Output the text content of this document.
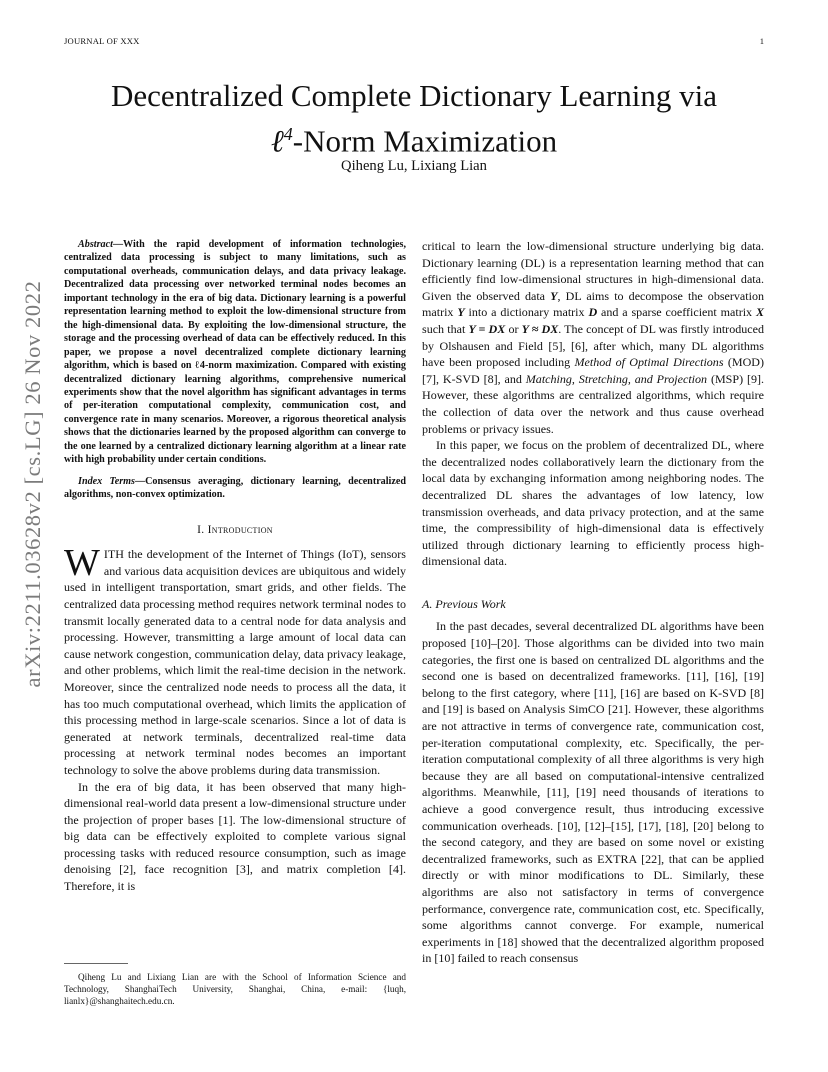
JOURNAL OF XXX	1
Decentralized Complete Dictionary Learning via
ℓ$^4$-Norm Maximization
Qiheng Lu, Lixiang Lian
arXiv:2211.03628v2 [cs.LG] 26 Nov 2022

Abstract—With the rapid development of information technologies, centralized data processing is subject to many limitations, such as computational overheads, communication delays, and data privacy leakage. Decentralized data processing over networked terminal nodes becomes an important technology in the era of big data. Dictionary learning is a powerful representation learning method to exploit the low-dimensional structure from the high-dimensional data. By exploiting the low-dimensional structure, the storage and the processing overhead of data can be effectively reduced. In this paper, we propose a novel decentralized complete dictionary learning algorithm, which is based on ℓ4-norm maximization. Compared with existing decentralized dictionary learning algorithms, comprehensive numerical experiments show that the novel algorithm has significant advantages in terms of per-iteration computational complexity, communication cost, and convergence rate in many scenarios. Moreover, a rigorous theoretical analysis shows that the dictionaries learned by the proposed algorithm can converge to the one learned by a centralized dictionary learning algorithm at a linear rate with high probability under certain conditions.

Index Terms—Consensus averaging, dictionary learning, decentralized algorithms, non-convex optimization.

I. Introduction

WITH the development of the Internet of Things (IoT), sensors and various data acquisition devices are ubiquitous and widely used in intelligent transportation, smart grids, and other fields. The centralized data processing method requires network terminal nodes to transmit locally generated data to a central node for data analysis and processing. However, transmitting a large amount of local data can cause network congestion, communication delay, data privacy leakage, and other problems, which limit the real-time decision in the network. Moreover, since the centralized node needs to process all the data, it has too much computational overhead, which limits the application of this processing method in large-scale scenarios. Since a lot of data is generated at network terminals, decentralized real-time data processing at network terminal nodes becomes an important technology to solve the above problems during data transmission.

In the era of big data, it has been observed that many high-dimensional real-world data present a low-dimensional structure under the projection of proper bases [1]. The low-dimensional structure of big data can be effectively exploited to complete various signal processing tasks with reduced resource consumption, such as image denoising [2], face recognition [3], and matrix completion [4]. Therefore, it is

Qiheng Lu and Lixiang Lian are with the School of Information Science and Technology, ShanghaiTech University, Shanghai, China, e-mail: {luqh, lianlx}@shanghaitech.edu.cn.

critical to learn the low-dimensional structure underlying big data. Dictionary learning (DL) is a representation learning method that can efficiently find low-dimensional structures in high-dimensional data. Given the observed data Y, DL aims to decompose the observation matrix Y into a dictionary matrix D and a sparse coefficient matrix X such that Y = DX or Y ≈ DX. The concept of DL was firstly introduced by Olshausen and Field [5], [6], after which, many DL algorithms have been proposed including Method of Optimal Directions (MOD) [7], K-SVD [8], and Matching, Stretching, and Projection (MSP) [9]. However, these algorithms are centralized algorithms, which require the collection of data over the network and thus cause overhead problems or privacy issues.

In this paper, we focus on the problem of decentralized DL, where the decentralized nodes collaboratively learn the dictionary from the local data by exchanging information among neighboring nodes. The decentralized DL shares the advantages of low latency, low transmission overheads, and data privacy protection, and at the same time, the compressibility of high-dimensional data is effectively utilized through dictionary learning to efficiently process high-dimensional data.

A. Previous Work

In the past decades, several decentralized DL algorithms have been proposed [10]–[20]. Those algorithms can be divided into two main categories, the first one is based on centralized DL algorithms and the second one is based on decentralized frameworks. [11], [16], [19] belong to the first category, where [11], [16] are based on K-SVD [8] and [19] is based on Analysis SimCO [21]. However, these algorithms are not attractive in terms of convergence rate, communication cost, per-iteration computational complexity, etc. Specifically, the per-iteration computational complexity of all three algorithms is very high because they are all based on computational-intensive centralized algorithms. Meanwhile, [11], [19] need thousands of iterations to achieve a good convergence result, thus introducing excessive communication overheads. [10], [12]–[15], [17], [18], [20] belong to the second category, and they are based on some novel or existing decentralized frameworks, such as EXTRA [22], that can be applied directly or with minor modifications to DL. Similarly, these algorithms are also not satisfactory in terms of convergence performance, convergence rate, communication cost, etc. Specifically, some algorithms cannot converge. For example, numerical experiments in [18] showed that the decentralized algorithm proposed in [10] failed to reach consensus
